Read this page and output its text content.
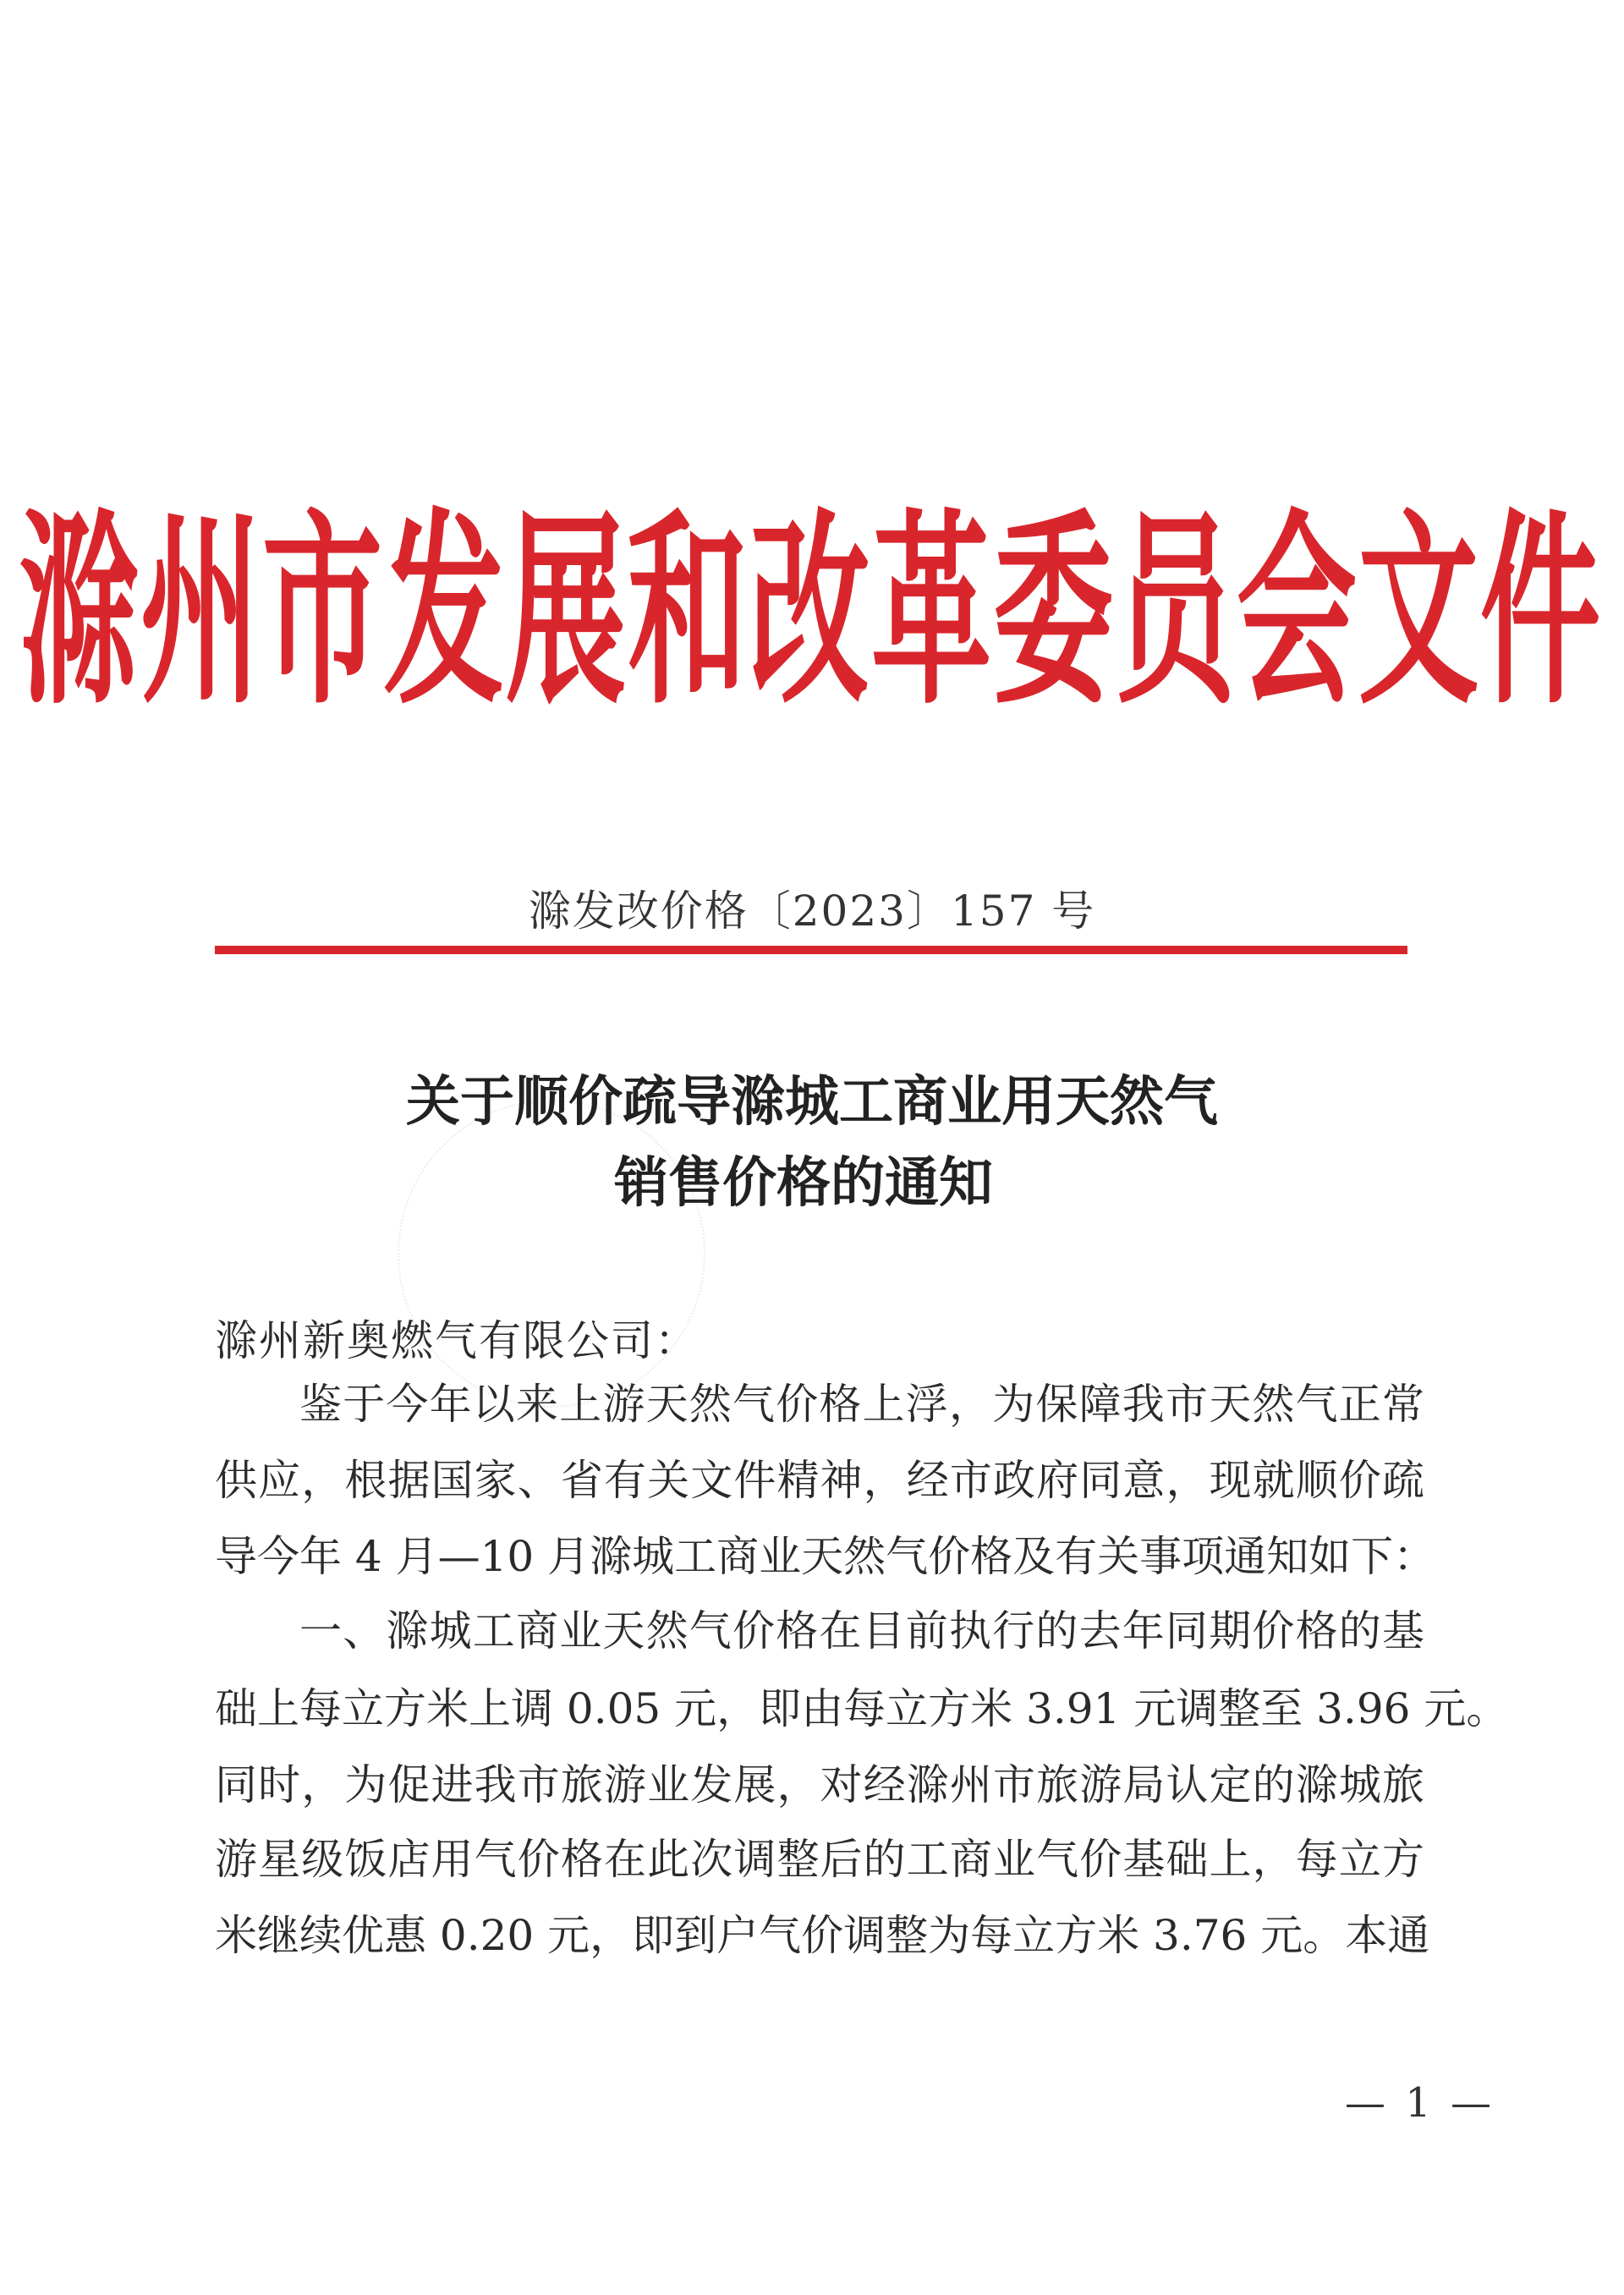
滁州市发展和改革委员会文件
滁发改价格〔2023〕157 号
关于顺价疏导滁城工商业用天然气
销售价格的通知
滁州新奥燃气有限公司：
鉴于今年以来上游天然气价格上浮，为保障我市天然气正常
供应，根据国家、省有关文件精神，经市政府同意，现就顺价疏
导今年 4 月—10 月滁城工商业天然气价格及有关事项通知如下：
一、滁城工商业天然气价格在目前执行的去年同期价格的基
础上每立方米上调 0.05 元，即由每立方米 3.91 元调整至 3.96 元。
同时，为促进我市旅游业发展，对经滁州市旅游局认定的滁城旅
游星级饭店用气价格在此次调整后的工商业气价基础上，每立方
米继续优惠 0.20 元，即到户气价调整为每立方米 3.76 元。本通
— 1 —
